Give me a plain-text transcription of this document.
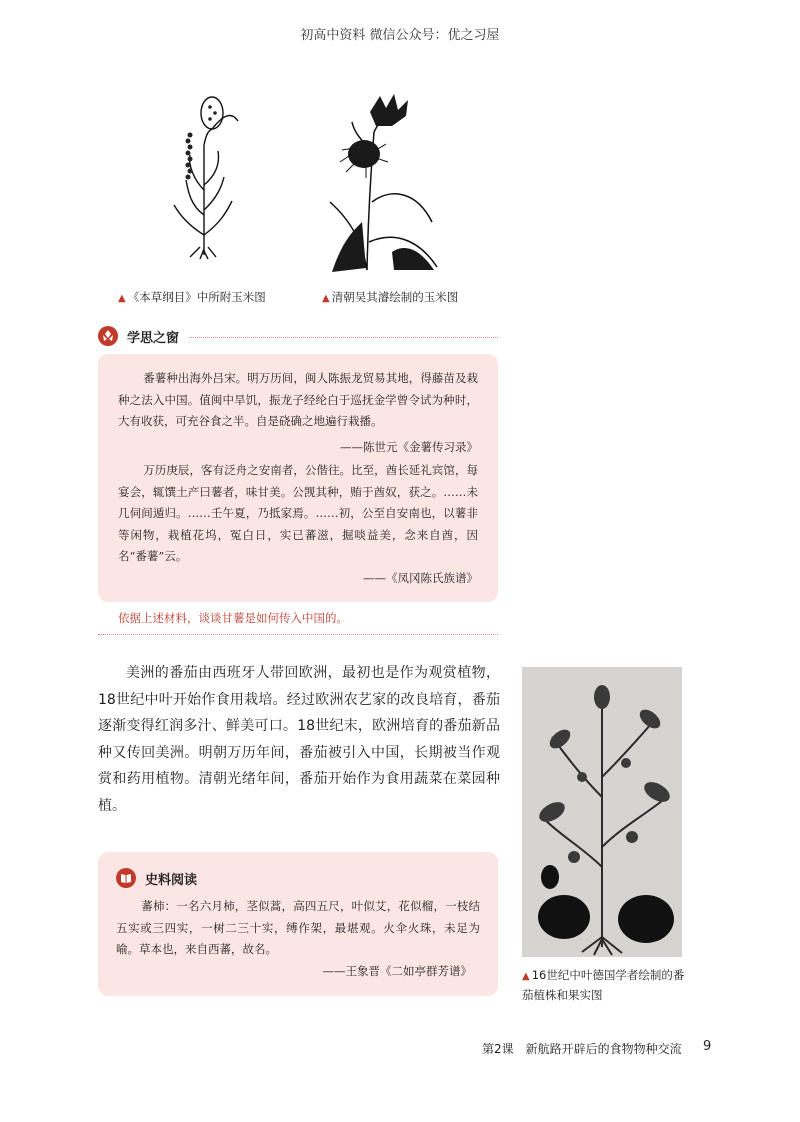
初高中资料 微信公众号：优之习屋
▲ 《本草纲目》中所附玉米图	▲ 清朝吴其濬绘制的玉米图
学思之窗

番薯种出海外吕宋。明万历间，闽人陈振龙贸易其地，得藤苗及栽种之法入中国。值闽中旱饥，振龙子经纶白于巡抚金学曾令试为种时，大有收获，可充谷食之半。自是硗确之地遍行栽播。

——陈世元《金薯传习录》

万历庚辰，客有泛舟之安南者，公偕往。比至，酋长延礼宾馆，每宴会，辄馔土产曰薯者，味甘美。公觊其种，贿于酋奴，获之。……未几伺间遁归。……壬午夏，乃抵家焉。……初，公至自安南也，以薯非等闲物，栽植花坞，冤白日，实已蕃滋，掘啖益美，念来自酋，因名“番薯”云。

——《凤冈陈氏族谱》
依据上述材料，谈谈甘薯是如何传入中国的。

美洲的番茄由西班牙人带回欧洲，最初也是作为观赏植物，18世纪中叶开始作食用栽培。经过欧洲农艺家的改良培育，番茄逐渐变得红润多汁、鲜美可口。18世纪末，欧洲培育的番茄新品种又传回美洲。明朝万历年间，番茄被引入中国，长期被当作观赏和药用植物。清朝光绪年间，番茄开始作为食用蔬菜在菜园种植。

▲ 16世纪中叶德国学者绘制的番
茄植株和果实图
史料阅读

蕃柿：一名六月柿，茎似蒿，高四五尺，叶似艾，花似榴，一枝结五实或三四实，一树二三十实，缚作架，最堪观。火伞火珠，未足为喻。草本也，来自西蕃，故名。

——王象晋《二如亭群芳谱》
第2课　新航路开辟后的食物物种交流 9
